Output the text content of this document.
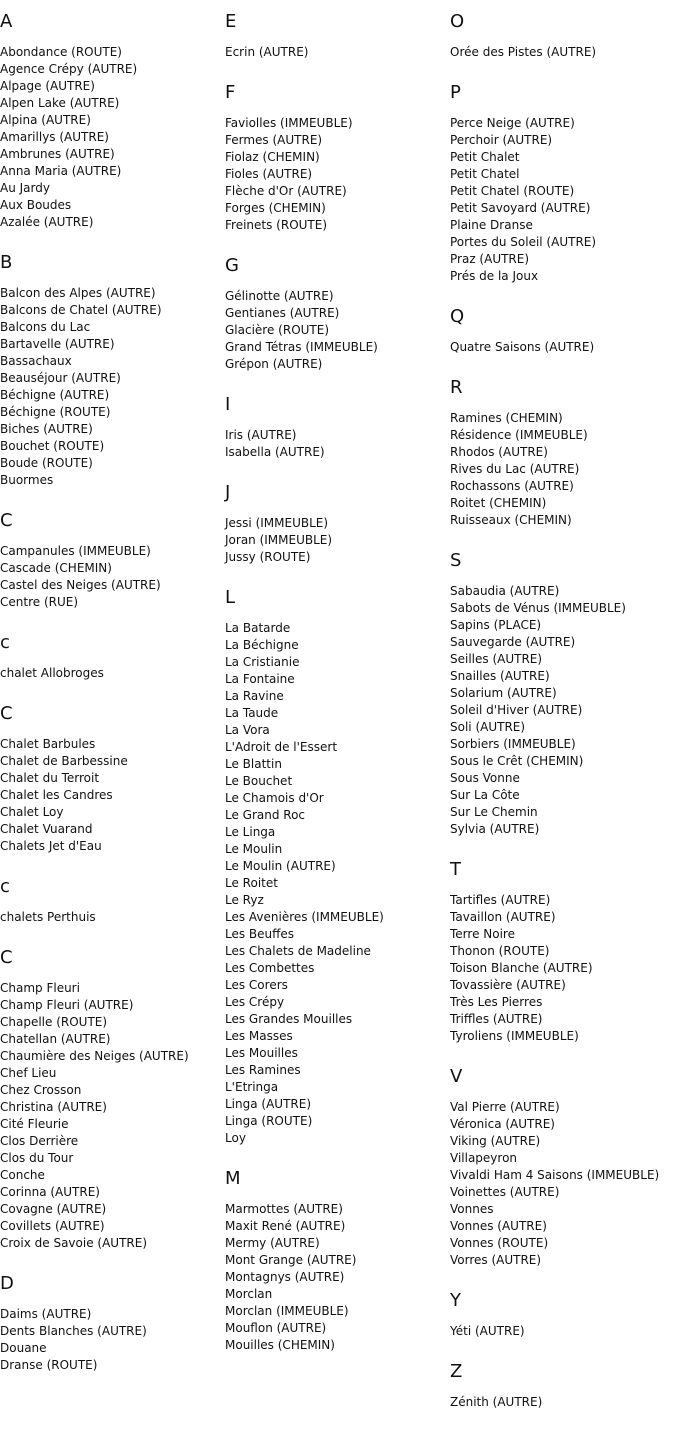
A
Abondance (ROUTE)
Agence Crépy (AUTRE)
Alpage (AUTRE)
Alpen Lake (AUTRE)
Alpina (AUTRE)
Amarillys (AUTRE)
Ambrunes (AUTRE)
Anna Maria (AUTRE)
Au Jardy
Aux Boudes
Azalée (AUTRE)
B
Balcon des Alpes (AUTRE)
Balcons de Chatel (AUTRE)
Balcons du Lac
Bartavelle (AUTRE)
Bassachaux
Beauséjour (AUTRE)
Béchigne (AUTRE)
Béchigne (ROUTE)
Biches (AUTRE)
Bouchet (ROUTE)
Boude (ROUTE)
Buormes
C
Campanules (IMMEUBLE)
Cascade (CHEMIN)
Castel des Neiges (AUTRE)
Centre (RUE)
c
chalet Allobroges
C
Chalet Barbules
Chalet de Barbessine
Chalet du Terroit
Chalet les Candres
Chalet Loy
Chalet Vuarand
Chalets Jet d'Eau
c
chalets Perthuis
C
Champ Fleuri
Champ Fleuri (AUTRE)
Chapelle (ROUTE)
Chatellan (AUTRE)
Chaumière des Neiges (AUTRE)
Chef Lieu
Chez Crosson
Christina (AUTRE)
Cité Fleurie
Clos Derrière
Clos du Tour
Conche
Corinna (AUTRE)
Covagne (AUTRE)
Covillets (AUTRE)
Croix de Savoie (AUTRE)
D
Daims (AUTRE)
Dents Blanches (AUTRE)
Douane
Dranse (ROUTE)
E
Ecrin (AUTRE)
F
Faviolles (IMMEUBLE)
Fermes (AUTRE)
Fiolaz (CHEMIN)
Fioles (AUTRE)
Flèche d'Or (AUTRE)
Forges (CHEMIN)
Freinets (ROUTE)
G
Gélinotte (AUTRE)
Gentianes (AUTRE)
Glacière (ROUTE)
Grand Tétras (IMMEUBLE)
Grépon (AUTRE)
I
Iris (AUTRE)
Isabella (AUTRE)
J
Jessi (IMMEUBLE)
Joran (IMMEUBLE)
Jussy (ROUTE)
L
La Batarde
La Béchigne
La Cristianie
La Fontaine
La Ravine
La Taude
La Vora
L'Adroit de l'Essert
Le Blattin
Le Bouchet
Le Chamois d'Or
Le Grand Roc
Le Linga
Le Moulin
Le Moulin (AUTRE)
Le Roitet
Le Ryz
Les Avenières (IMMEUBLE)
Les Beuffes
Les Chalets de Madeline
Les Combettes
Les Corers
Les Crépy
Les Grandes Mouilles
Les Masses
Les Mouilles
Les Ramines
L'Etringa
Linga (AUTRE)
Linga (ROUTE)
Loy
M
Marmottes (AUTRE)
Maxit René (AUTRE)
Mermy (AUTRE)
Mont Grange (AUTRE)
Montagnys (AUTRE)
Morclan
Morclan (IMMEUBLE)
Mouflon (AUTRE)
Mouilles (CHEMIN)
O
Orée des Pistes (AUTRE)
P
Perce Neige (AUTRE)
Perchoir (AUTRE)
Petit Chalet
Petit Chatel
Petit Chatel (ROUTE)
Petit Savoyard (AUTRE)
Plaine Dranse
Portes du Soleil (AUTRE)
Praz (AUTRE)
Prés de la Joux
Q
Quatre Saisons (AUTRE)
R
Ramines (CHEMIN)
Résidence (IMMEUBLE)
Rhodos (AUTRE)
Rives du Lac (AUTRE)
Rochassons (AUTRE)
Roitet (CHEMIN)
Ruisseaux (CHEMIN)
S
Sabaudia (AUTRE)
Sabots de Vénus (IMMEUBLE)
Sapins (PLACE)
Sauvegarde (AUTRE)
Seilles (AUTRE)
Snailles (AUTRE)
Solarium (AUTRE)
Soleil d'Hiver (AUTRE)
Soli (AUTRE)
Sorbiers (IMMEUBLE)
Sous le Crêt (CHEMIN)
Sous Vonne
Sur La Côte
Sur Le Chemin
Sylvia (AUTRE)
T
Tartifles (AUTRE)
Tavaillon (AUTRE)
Terre Noire
Thonon (ROUTE)
Toison Blanche (AUTRE)
Tovassière (AUTRE)
Très Les Pierres
Triffles (AUTRE)
Tyroliens (IMMEUBLE)
V
Val Pierre (AUTRE)
Véronica (AUTRE)
Viking (AUTRE)
Villapeyron
Vivaldi Ham 4 Saisons (IMMEUBLE)
Voinettes (AUTRE)
Vonnes
Vonnes (AUTRE)
Vonnes (ROUTE)
Vorres (AUTRE)
Y
Yéti (AUTRE)
Z
Zénith (AUTRE)
